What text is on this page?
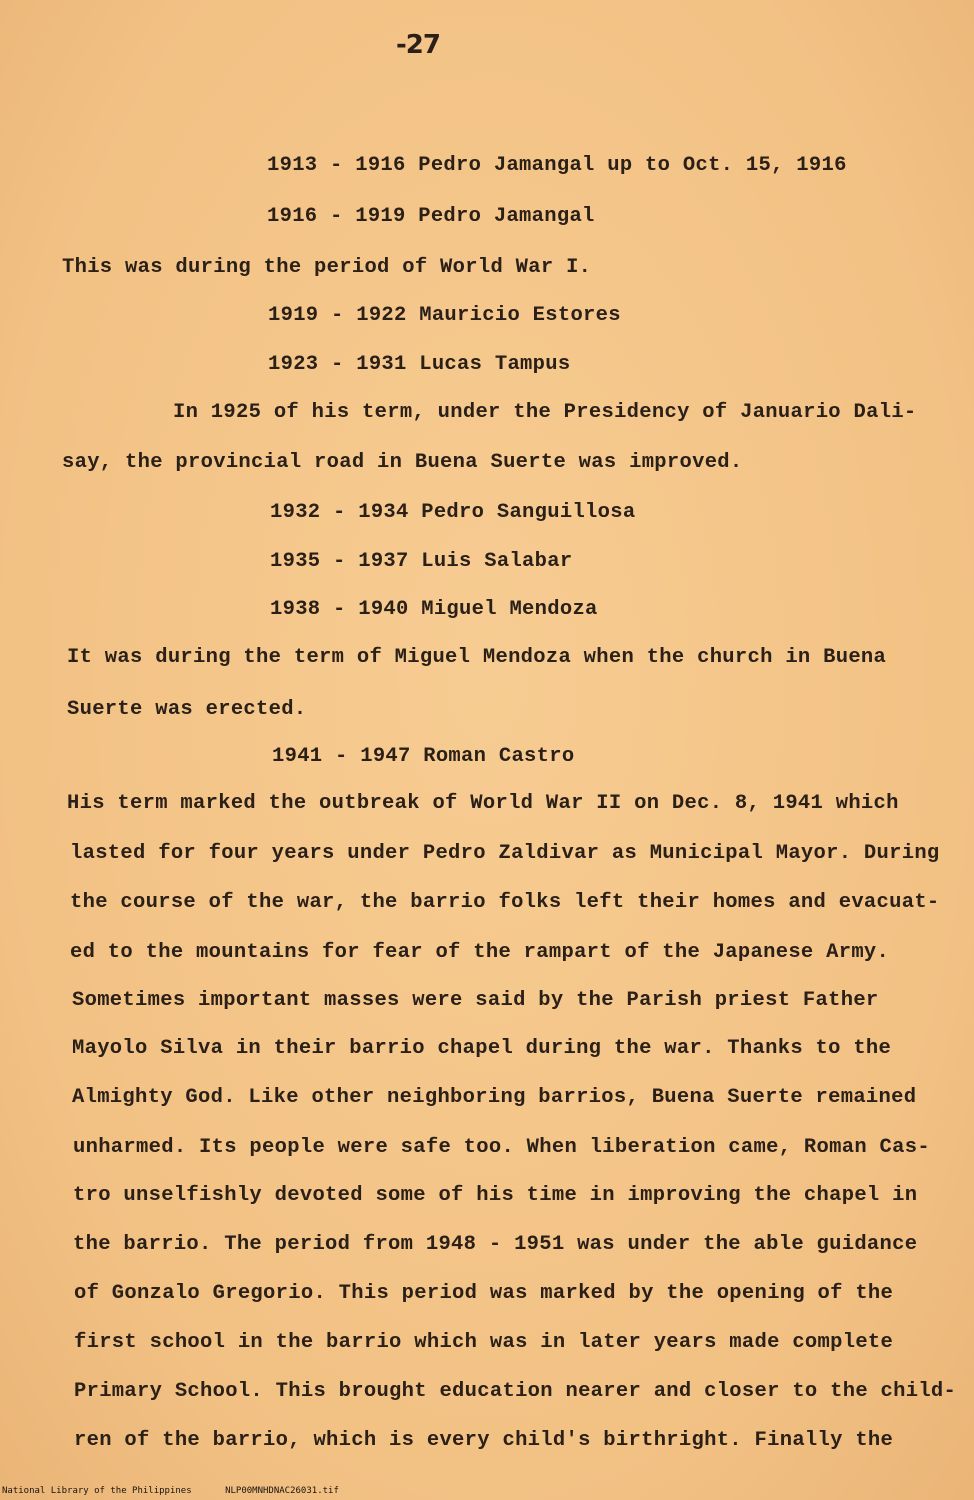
-27
1913 - 1916 Pedro Jamangal up to Oct. 15, 1916
1916 - 1919 Pedro Jamangal
This was during the period of World War I.
1919 - 1922 Mauricio Estores
1923 - 1931 Lucas Tampus
In 1925 of his term, under the Presidency of Januario Dali-
say, the provincial road in Buena Suerte was improved.
1932 - 1934 Pedro Sanguillosa
1935 - 1937 Luis Salabar
1938 - 1940 Miguel Mendoza
It was during the term of Miguel Mendoza when the church in Buena
Suerte was erected.
1941 - 1947 Roman Castro
His term marked the outbreak of World War II on Dec. 8, 1941 which
lasted for four years under Pedro Zaldivar as Municipal Mayor. During
the course of the war, the barrio folks left their homes and evacuat-
ed to the mountains for fear of the rampart of the Japanese Army.
Sometimes important masses were said by the Parish priest Father
Mayolo Silva in their barrio chapel during the war. Thanks to the
Almighty God. Like other neighboring barrios, Buena Suerte remained
unharmed. Its people were safe too. When liberation came, Roman Cas-
tro unselfishly devoted some of his time in improving the chapel in
the barrio. The period from 1948 - 1951 was under the able guidance
of Gonzalo Gregorio. This period was marked by the opening of the
first school in the barrio which was in later years made complete
Primary School. This brought education nearer and closer to the child-
ren of the barrio, which is every child's birthright. Finally the
National Library of the Philippines	NLP00MNHDNAC26031.tif
